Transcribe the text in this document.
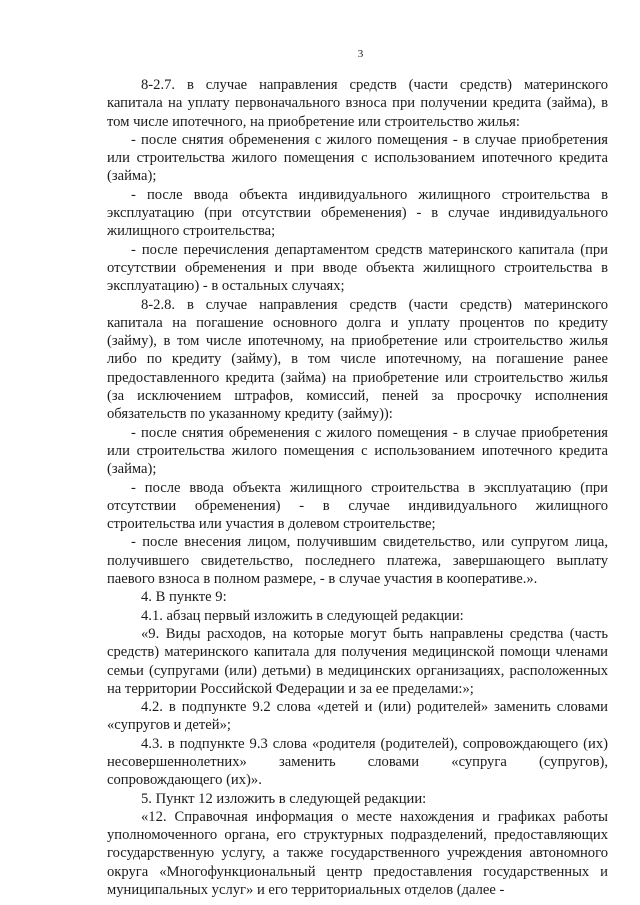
3

8-2.7. в случае направления средств (части средств) материнского капитала на уплату первоначального взноса при получении кредита (займа), в том числе ипотечного, на приобретение или строительство жилья:

- после снятия обременения с жилого помещения - в случае приобретения или строительства жилого помещения с использованием ипотечного кредита (займа);

- после ввода объекта индивидуального жилищного строительства в эксплуатацию (при отсутствии обременения) - в случае индивидуального жилищного строительства;

- после перечисления департаментом средств материнского капитала (при отсутствии обременения и при вводе объекта жилищного строительства в эксплуатацию) - в остальных случаях;

8-2.8. в случае направления средств (части средств) материнского капитала на погашение основного долга и уплату процентов по кредиту (займу), в том числе ипотечному, на приобретение или строительство жилья либо по кредиту (займу), в том числе ипотечному, на погашение ранее предоставленного кредита (займа) на приобретение или строительство жилья (за исключением штрафов, комиссий, пеней за просрочку исполнения обязательств по указанному кредиту (займу)):

- после снятия обременения с жилого помещения - в случае приобретения или строительства жилого помещения с использованием ипотечного кредита (займа);

- после ввода объекта жилищного строительства в эксплуатацию (при отсутствии обременения) - в случае индивидуального жилищного строительства или участия в долевом строительстве;

- после внесения лицом, получившим свидетельство, или супругом лица, получившего свидетельство, последнего платежа, завершающего выплату паевого взноса в полном размере, - в случае участия в кооперативе.».

4. В пункте 9:

4.1. абзац первый изложить в следующей редакции:

«9. Виды расходов, на которые могут быть направлены средства (часть средств) материнского капитала для получения медицинской помощи членами семьи (супругами (или) детьми) в медицинских организациях, расположенных на территории Российской Федерации и за ее пределами:»;

4.2. в подпункте 9.2 слова «детей и (или) родителей» заменить словами «супругов и детей»;

4.3. в подпункте 9.3 слова «родителя (родителей), сопровождающего (их) несовершеннолетних» заменить словами «супруга (супругов), сопровождающего (их)».

5. Пункт 12 изложить в следующей редакции:

«12. Справочная информация о месте нахождения и графиках работы уполномоченного органа, его структурных подразделений, предоставляющих государственную услугу, а также государственного учреждения автономного округа «Многофункциональный центр предоставления государственных и муниципальных услуг» и его территориальных отделов (далее -
